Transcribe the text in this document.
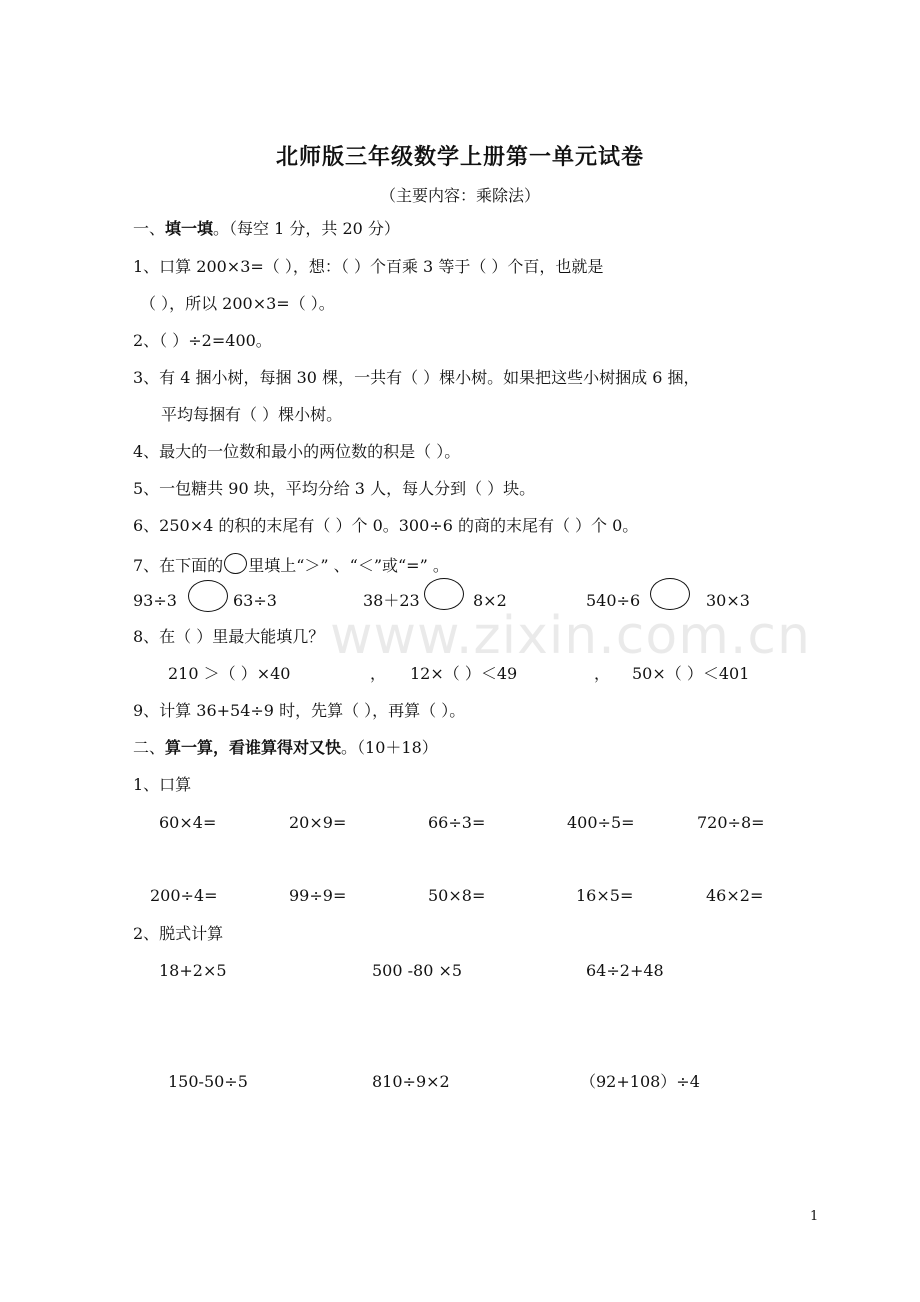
北师版三年级数学上册第一单元试卷
（主要内容：乘除法）
一、填一填。（每空 1 分，共 20 分）
1、口算 200×3=（ ），想：（ ）个百乘 3 等于（ ）个百，也就是
（ ），所以 200×3=（ ）。
2、（ ）÷2=400。
3、有 4 捆小树，每捆 30 棵，一共有（ ）棵小树。如果把这些小树捆成 6 捆，
平均每捆有（ ）棵小树。
4、最大的一位数和最小的两位数的积是（ ）。
5、一包糖共 90 块，平均分给 3 人，每人分到（ ）块。
6、250×4 的积的末尾有（ ）个 0。300÷6 的商的末尾有（ ）个 0。
7、在下面的 里填上“＞” 、“＜”或“=” 。
93÷3	63÷3	38＋23	8×2	540÷6	30×3
8、在（ ）里最大能填几？
210 ＞（ ）×40	， 12×（ ）＜49	， 50×（ ）＜401
9、计算 36+54÷9 时，先算（ ），再算（ ）。
二、算一算，看谁算得对又快。（10＋18）
1、口算
60×4=	20×9=	66÷3=	400÷5=	720÷8=
200÷4=	99÷9=	50×8=	16×5=	46×2=
2、脱式计算
18+2×5	500 -80 ×5	64÷2+48
150-50÷5	810÷9×2	（92+108）÷4
www.zixin.com.cn
1
